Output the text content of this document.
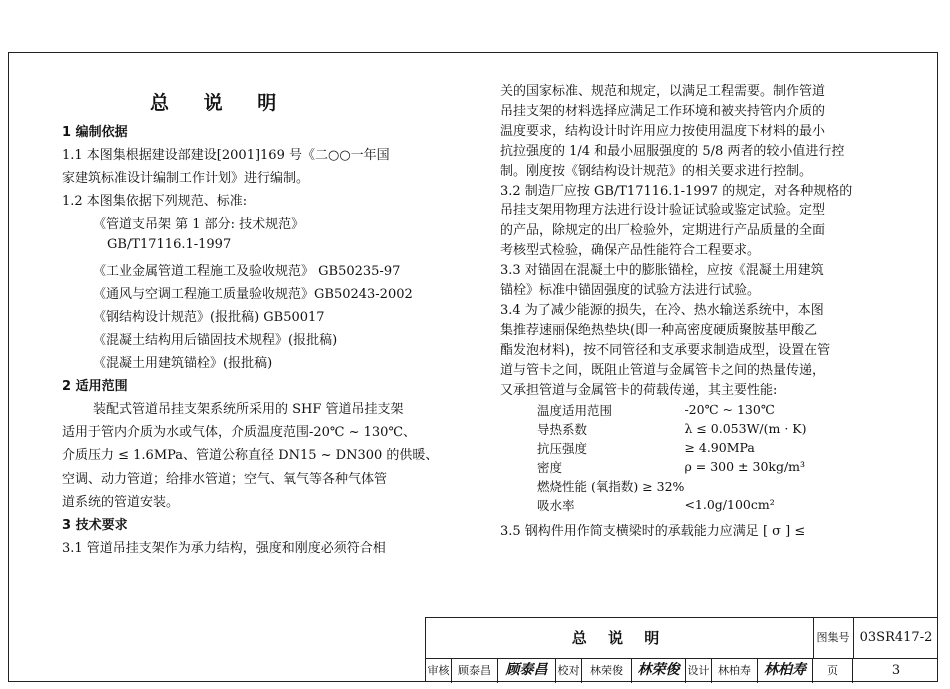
总 说 明
1 编制依据
1.1 本图集根据建设部建设[2001]169 号《二○○一年国
家建筑标准设计编制工作计划》进行编制。
1.2 本图集依据下列规范、标准:
《管道支吊架 第 1 部分: 技术规范》
GB/T17116.1-1997
《工业金属管道工程施工及验收规范》 GB50235-97
《通风与空调工程施工质量验收规范》GB50243-2002
《钢结构设计规范》(报批稿) GB50017
《混凝土结构用后锚固技术规程》(报批稿)
《混凝土用建筑锚栓》(报批稿)
2 适用范围
装配式管道吊挂支架系统所采用的 SHF 管道吊挂支架
适用于管内介质为水或气体，介质温度范围-20℃ ~ 130℃、
介质压力 ≤ 1.6MPa、管道公称直径 DN15 ~ DN300 的供暖、
空调、动力管道；给排水管道；空气、氧气等各种气体管
道系统的管道安装。
3 技术要求
3.1 管道吊挂支架作为承力结构，强度和刚度必须符合相
关的国家标准、规范和规定，以满足工程需要。制作管道
吊挂支架的材料选择应满足工作环境和被夹持管内介质的
温度要求，结构设计时许用应力按使用温度下材料的最小
抗拉强度的 1/4 和最小屈服强度的 5/8 两者的较小值进行控
制。刚度按《钢结构设计规范》的相关要求进行控制。
3.2 制造厂应按 GB/T17116.1-1997 的规定，对各种规格的
吊挂支架用物理方法进行设计验证试验或鉴定试验。定型
的产品，除规定的出厂检验外，定期进行产品质量的全面
考核型式检验，确保产品性能符合工程要求。
3.3 对锚固在混凝土中的膨胀锚栓，应按《混凝土用建筑
锚栓》标准中锚固强度的试验方法进行试验。
3.4 为了减少能源的损失，在冷、热水输送系统中，本图
集推荐速丽保绝热垫块(即一种高密度硬质聚胺基甲酸乙
酯发泡材料)，按不同管径和支承要求制造成型，设置在管
道与管卡之间，既阻止管道与金属管卡之间的热量传递，
又承担管道与金属管卡的荷载传递，其主要性能:
温度适用范围	-20℃ ~ 130℃
导热系数	λ ≤ 0.053W/(m · K)
抗压强度	≥ 4.90MPa
密度	ρ = 300 ± 30kg/m³
燃烧性能 (氧指数) ≥ 32%	
吸水率	<1.0g/100cm²
3.5 钢构件用作简支横梁时的承载能力应满足 [ σ ] ≤
总 说 明	图集号 03SR417-2
审核 顾泰昌	顾泰昌 校对 林荣俊	林荣俊 设计 林柏寿 林柏寿	页	3
